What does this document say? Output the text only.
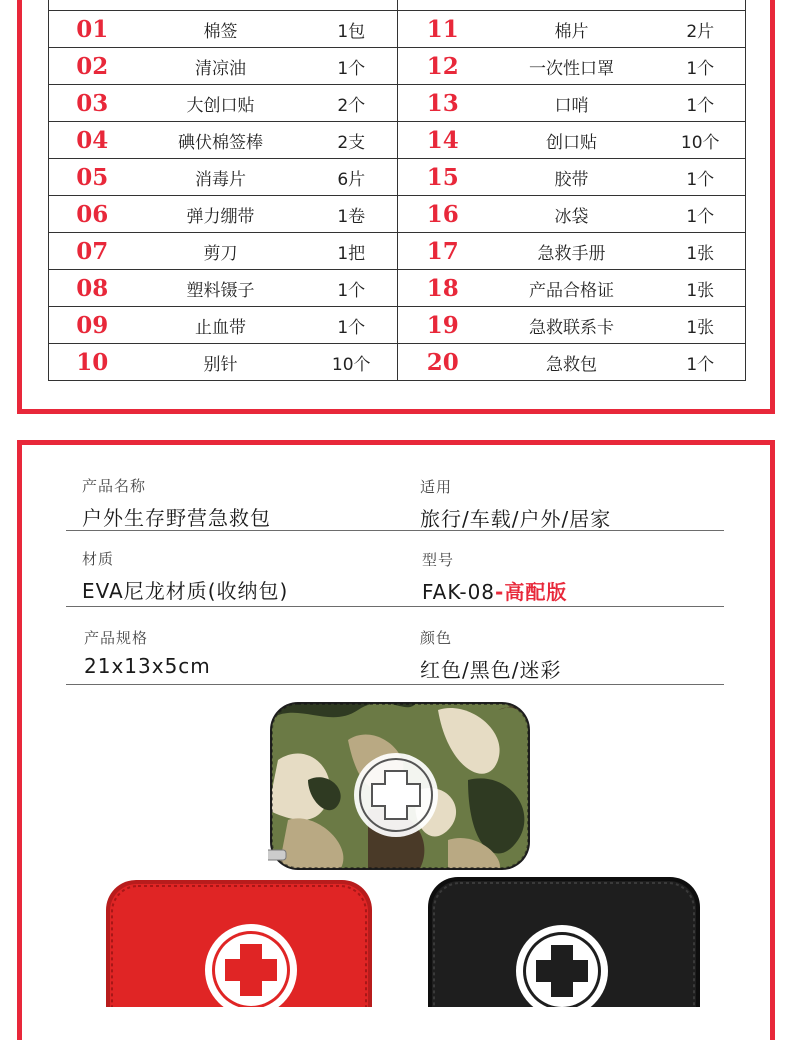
01	棉签	1包	11	棉片	2片
02	清凉油	1个	12	一次性口罩	1个
03	大创口贴	2个	13	口哨	1个
04	碘伏棉签棒	2支	14	创口贴	10个
05	消毒片	6片	15	胶带	1个
06	弹力绷带	1卷	16	冰袋	1个
07	剪刀	1把	17	急救手册	1张
08	塑料镊子	1个	18	产品合格证	1张
09	止血带	1个	19	急救联系卡	1张
10	别针	10个	20	急救包	1个
产品名称
户外生存野营急救包
适用
旅行/车载/户外/居家
材质
EVA尼龙材质(收纳包)
型号
FAK-08-高配版
产品规格
21x13x5cm
颜色
红色/黑色/迷彩
